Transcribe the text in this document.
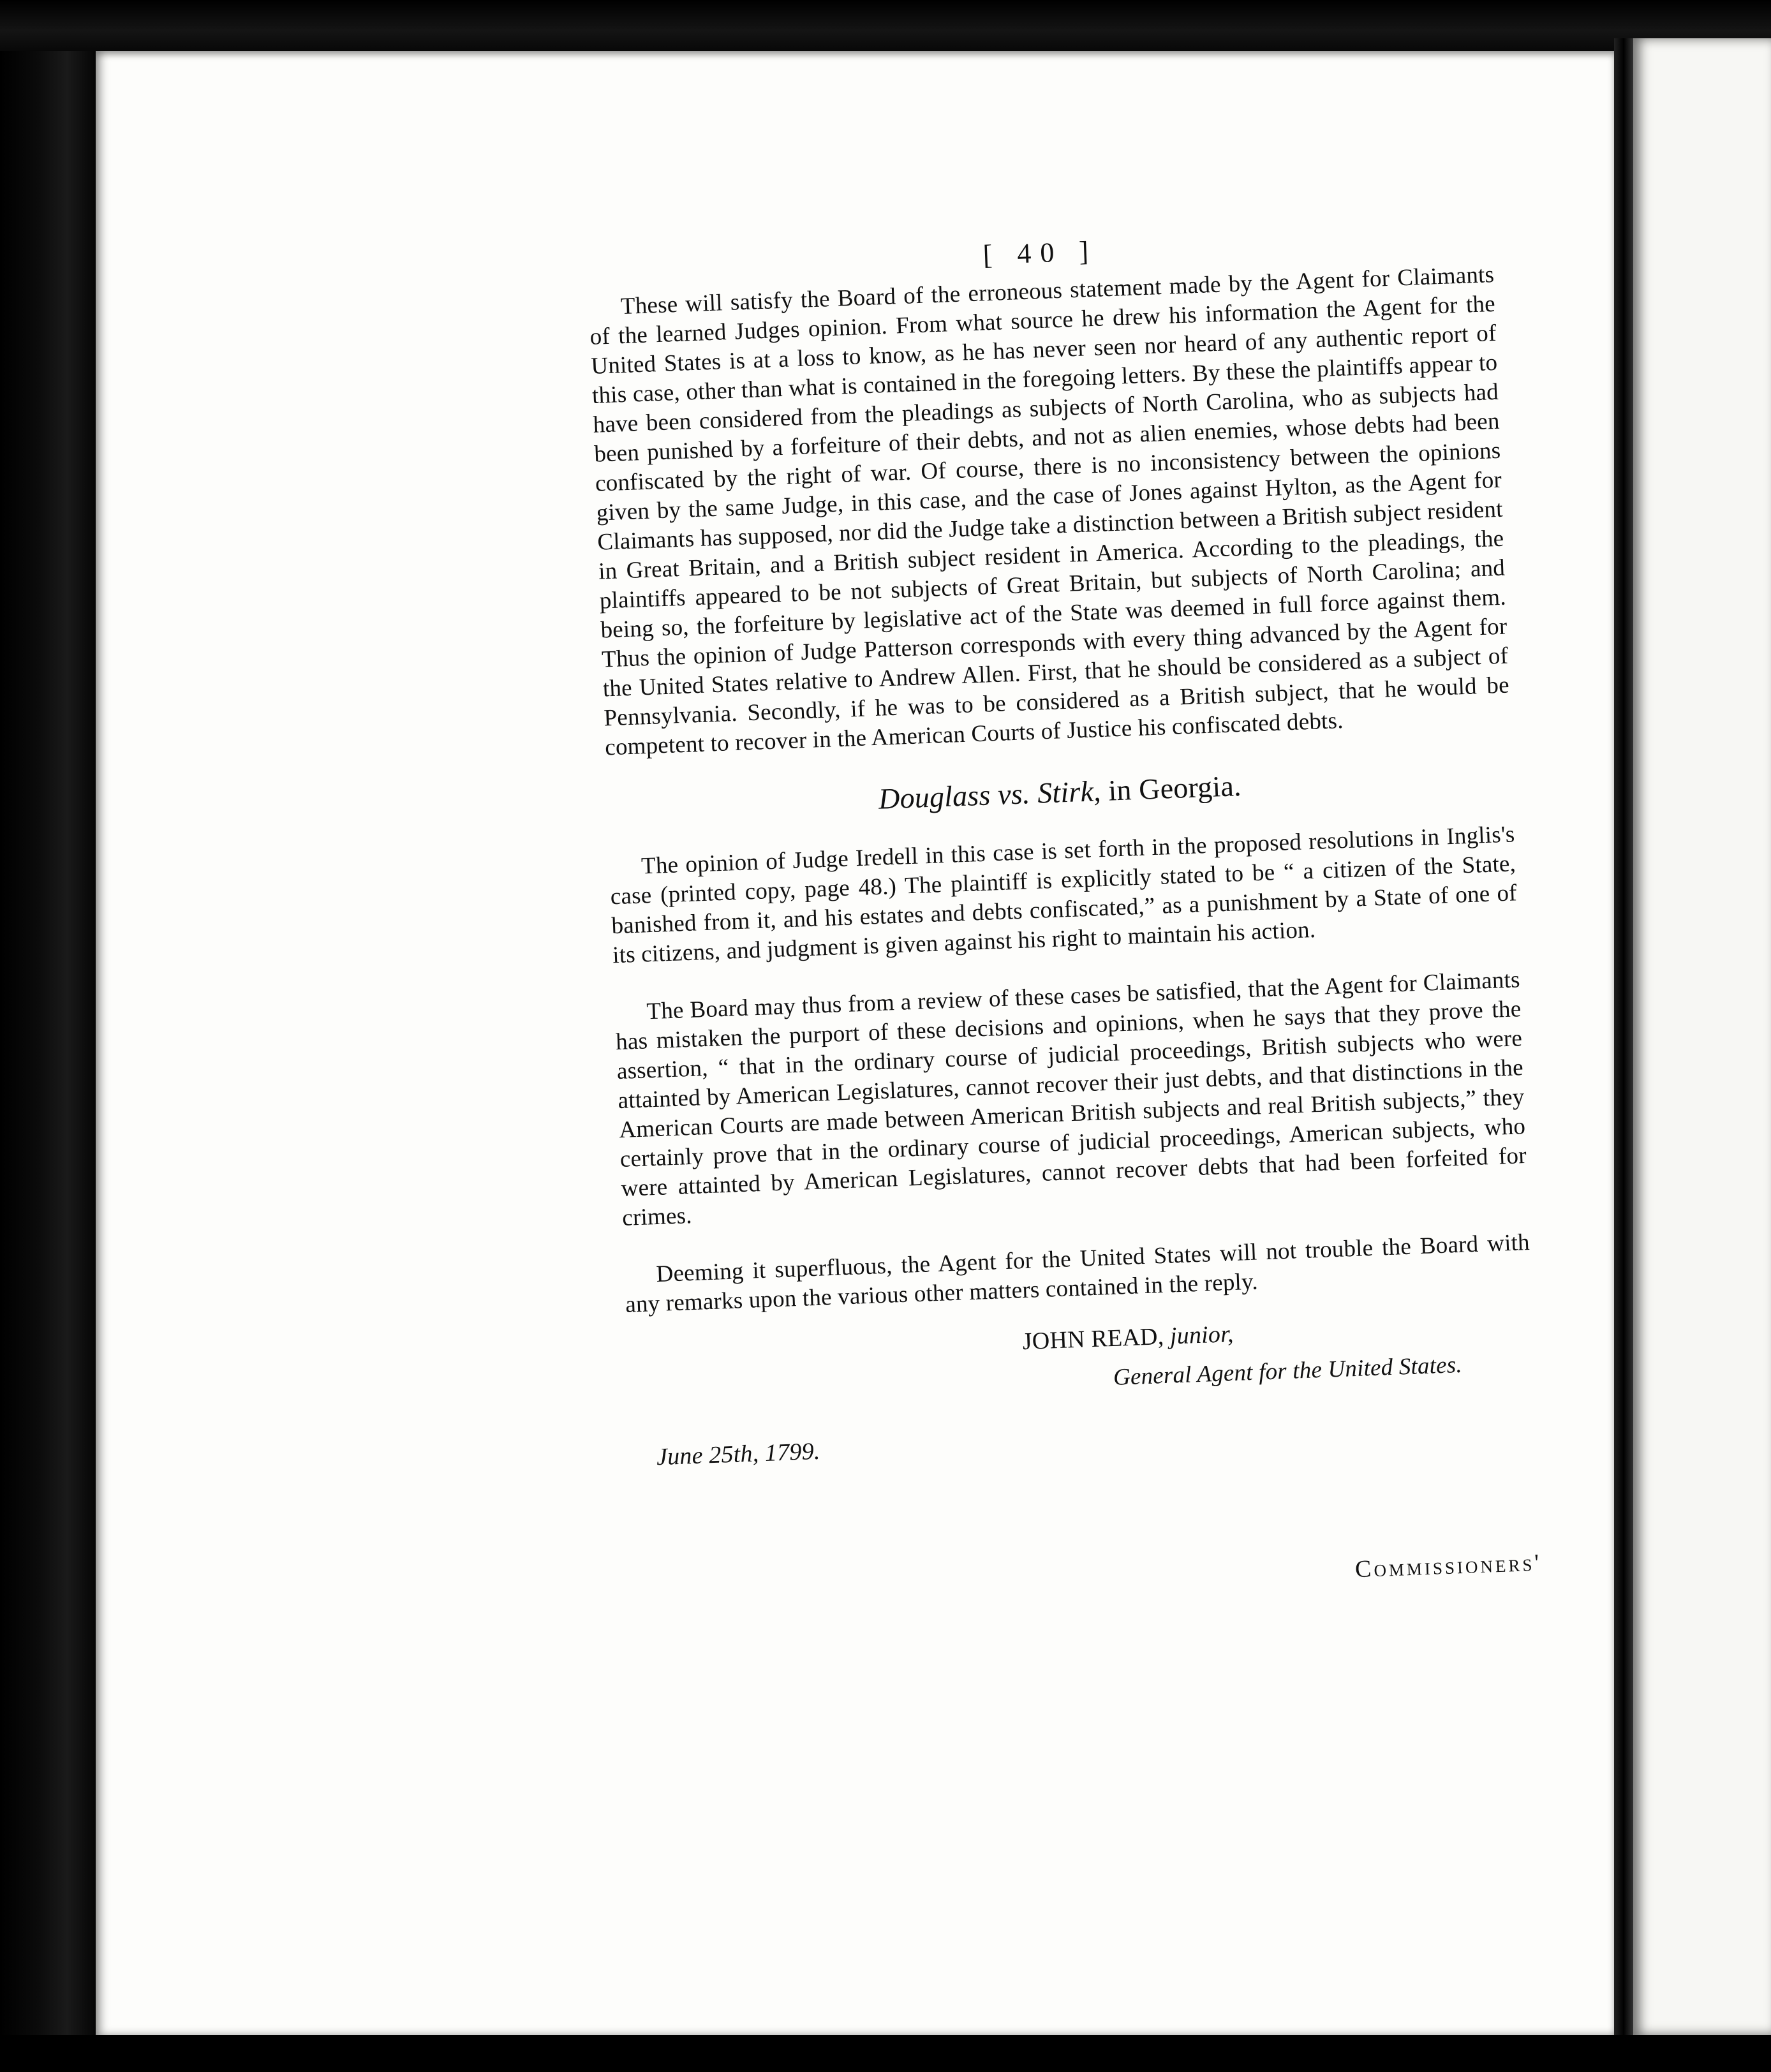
[ 40 ]

These will satisfy the Board of the erroneous statement made by the Agent for Claimants of the learned Judges opinion. From what source he drew his information the Agent for the United States is at a loss to know, as he has never seen nor heard of any authentic report of this case, other than what is contained in the foregoing letters. By these the plaintiffs appear to have been considered from the pleadings as subjects of North Carolina, who as subjects had been punished by a forfeiture of their debts, and not as alien enemies, whose debts had been confiscated by the right of war. Of course, there is no inconsistency between the opinions given by the same Judge, in this case, and the case of Jones against Hylton, as the Agent for Claimants has supposed, nor did the Judge take a distinction between a British subject resident in Great Britain, and a British subject resident in America. According to the pleadings, the plaintiffs appeared to be not subjects of Great Britain, but subjects of North Carolina; and being so, the forfeiture by legislative act of the State was deemed in full force against them. Thus the opinion of Judge Patterson corresponds with every thing advanced by the Agent for the United States relative to Andrew Allen. First, that he should be considered as a subject of Pennsylvania. Secondly, if he was to be considered as a British subject, that he would be competent to recover in the American Courts of Justice his confiscated debts.

Douglass vs. Stirk, in Georgia.

The opinion of Judge Iredell in this case is set forth in the proposed resolutions in Inglis's case (printed copy, page 48.) The plaintiff is explicitly stated to be “ a citizen of the State, banished from it, and his estates and debts confiscated,” as a punishment by a State of one of its citizens, and judgment is given against his right to maintain his action.

The Board may thus from a review of these cases be satisfied, that the Agent for Claimants has mistaken the purport of these decisions and opinions, when he says that they prove the assertion, “ that in the ordinary course of judicial proceedings, British subjects who were attainted by American Legislatures, cannot recover their just debts, and that distinctions in the American Courts are made between American British subjects and real British subjects,” they certainly prove that in the ordinary course of judicial proceedings, American subjects, who were attainted by American Legislatures, cannot recover debts that had been forfeited for crimes.

Deeming it superfluous, the Agent for the United States will not trouble the Board with any remarks upon the various other matters contained in the reply.

JOHN READ, junior,
General Agent for the United States.
June 25th, 1799.
Commissioners'
